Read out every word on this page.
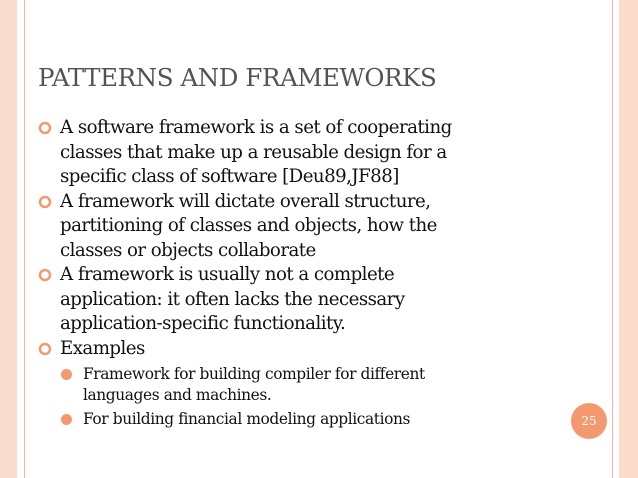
PATTERNS AND FRAMEWORKS
A software framework is a set of cooperating
classes that make up a reusable design for a
specific class of software [Deu89,JF88]
A framework will dictate overall structure,
partitioning of classes and objects, how the
classes or objects collaborate
A framework is usually not a complete
application: it often lacks the necessary
application-specific functionality.
Examples
Framework for building compiler for different
languages and machines.
For building financial modeling applications	25
